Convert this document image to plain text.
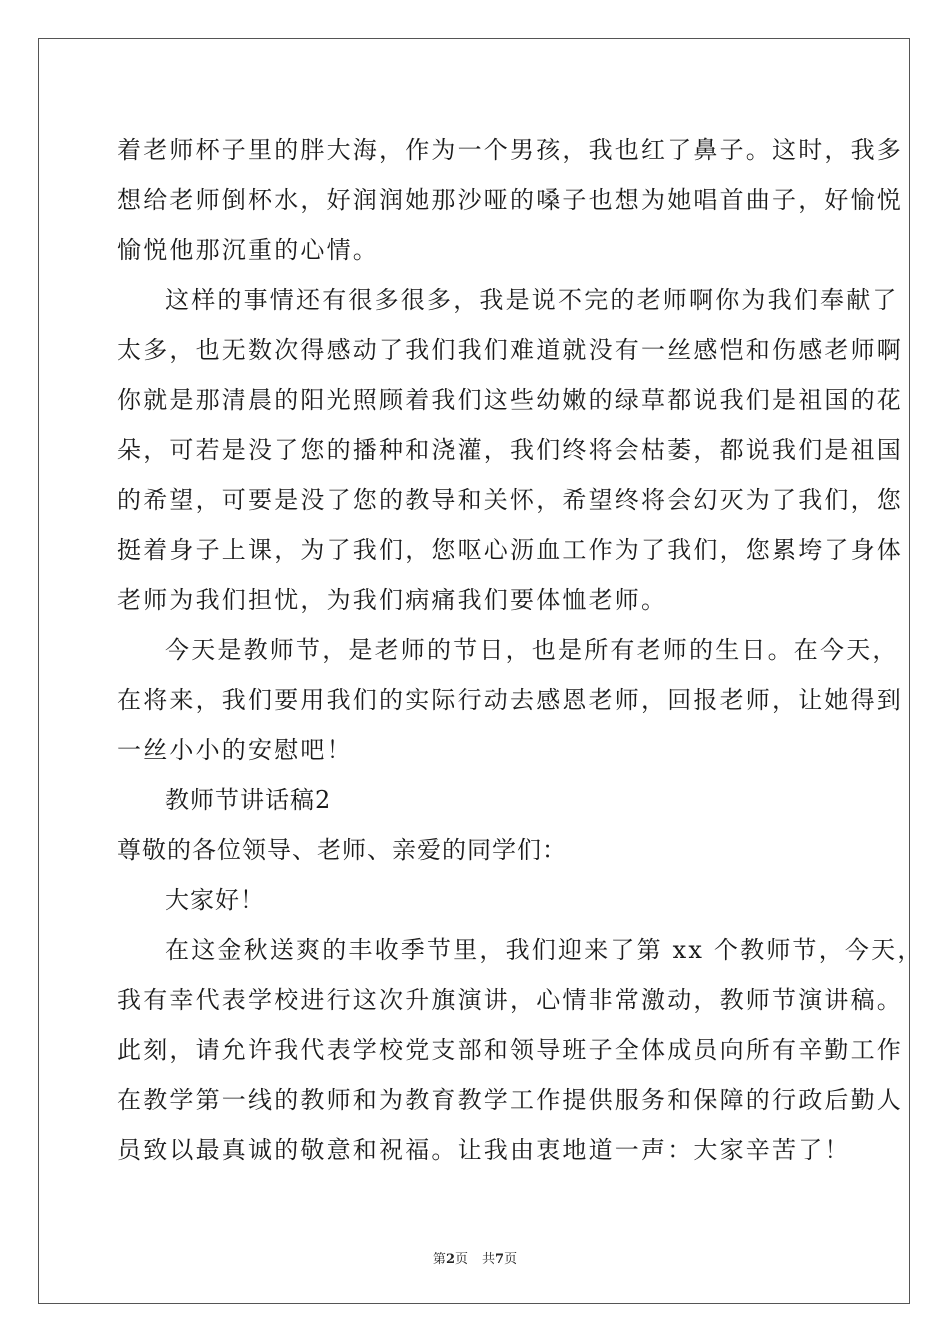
着老师杯子里的胖大海，作为一个男孩，我也红了鼻子。这时，我多
想给老师倒杯水，好润润她那沙哑的嗓子也想为她唱首曲子，好愉悦
愉悦他那沉重的心情。
这样的事情还有很多很多，我是说不完的老师啊你为我们奉献了
太多，也无数次得感动了我们我们难道就没有一丝感恺和伤感老师啊
你就是那清晨的阳光照顾着我们这些幼嫩的绿草都说我们是祖国的花
朵，可若是没了您的播种和浇灌，我们终将会枯萎，都说我们是祖国
的希望，可要是没了您的教导和关怀，希望终将会幻灭为了我们，您
挺着身子上课，为了我们，您呕心沥血工作为了我们，您累垮了身体
老师为我们担忧，为我们病痛我们要体恤老师。
今天是教师节，是老师的节日，也是所有老师的生日。在今天，
在将来，我们要用我们的实际行动去感恩老师，回报老师，让她得到
一丝小小的安慰吧！
教师节讲话稿2
尊敬的各位领导、老师、亲爱的同学们：
大家好！
在这金秋送爽的丰收季节里，我们迎来了第 xx 个教师节，今天，
我有幸代表学校进行这次升旗演讲，心情非常激动，教师节演讲稿。
此刻，请允许我代表学校党支部和领导班子全体成员向所有辛勤工作
在教学第一线的教师和为教育教学工作提供服务和保障的行政后勤人
员致以最真诚的敬意和祝福。让我由衷地道一声：大家辛苦了！
第2页 共7页
